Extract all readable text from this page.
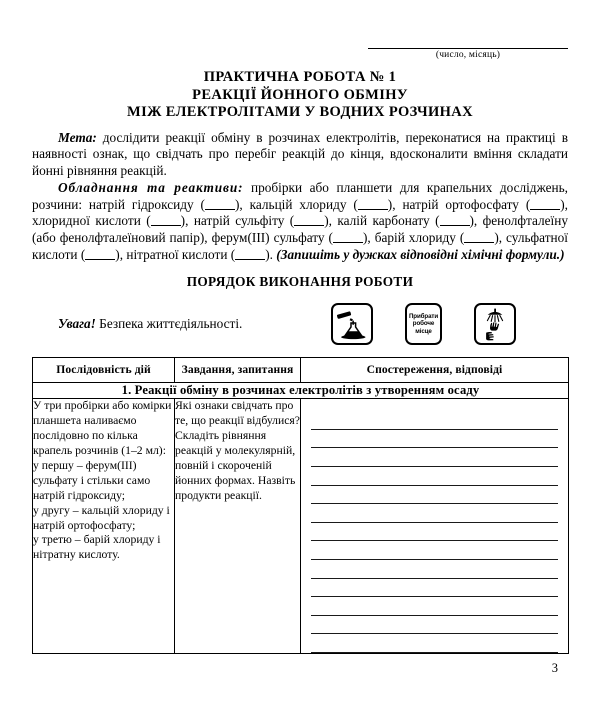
(число, місяць)
ПРАКТИЧНА РОБОТА № 1
РЕАКЦІЇ ЙОННОГО ОБМІНУ
МІЖ ЕЛЕКТРОЛІТАМИ У ВОДНИХ РОЗЧИНАХ
Мета: дослідити реакції обміну в розчинах електролітів, переконатися на практиці в наявності ознак, що свідчать про перебіг реакцій до кінця, вдосконалити вміння складати йонні рівняння реакцій.
Обладнання та реактиви: пробірки або планшети для крапельних досліджень, розчини: натрій гідроксиду ( ), кальцій хлориду ( ), натрій ортофосфату ( ), хлоридної кислоти ( ), натрій сульфіту ( ), калій карбонату ( ), фенолфталеїну (або фенолфталеїновий папір), ферум(III) сульфату ( ), барій хлориду ( ), сульфатної кислоти ( ), нітратної кислоти ( ). (Запишіть у дужках відповідні хімічні формули.)
ПОРЯДОК ВИКОНАННЯ РОБОТИ
Увага! Безпека життєдіяльності.	Прибрати
робоче
місце
Послідовність дій	Завдання, запитання	Спостереження, відповіді
1. Реакції обміну в розчинах електролітів з утворенням осаду		

У три пробірки або комірки планшета наливаємо послідовно по кілька крапель розчинів (1–2 мл):

у першу – ферум(III) сульфату і стільки само натрій гідроксиду;

у другу – кальцій хлориду і натрій ортофосфату;

у третю – барій хлориду і нітратну кислоту.	Які ознаки свідчать про те, що реакції відбулися? Складіть рівняння реакцій у молекулярній, повній і скороченій йонних формах. Назвіть продукти реакції.	

3
